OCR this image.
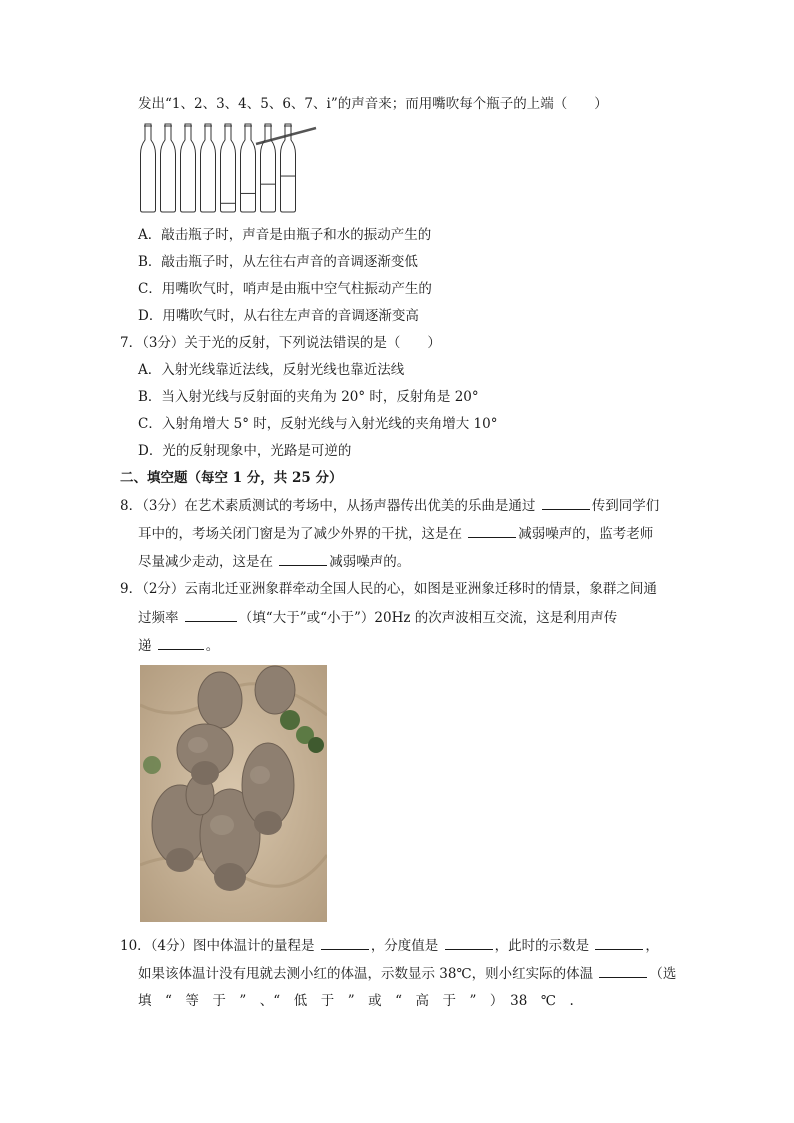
发出“1、2、3、4、5、6、7、i”的声音来；而用嘴吹每个瓶子的上端（　　）
A．敲击瓶子时，声音是由瓶子和水的振动产生的
B．敲击瓶子时，从左往右声音的音调逐渐变低
C．用嘴吹气时，哨声是由瓶中空气柱振动产生的
D．用嘴吹气时，从右往左声音的音调逐渐变高
7．（3分）关于光的反射，下列说法错误的是（　　）
A．入射光线靠近法线，反射光线也靠近法线
B．当入射光线与反射面的夹角为 20° 时，反射角是 20°
C．入射角增大 5° 时，反射光线与入射光线的夹角增大 10°
D．光的反射现象中，光路是可逆的
二、填空题（每空 1 分，共 25 分）
8．（3分）在艺术素质测试的考场中，从扬声器传出优美的乐曲是通过	传到同学们
耳中的，考场关闭门窗是为了减少外界的干扰，这是在	减弱噪声的，监考老师
尽量减少走动，这是在	减弱噪声的。
9．（2分）云南北迁亚洲象群牵动全国人民的心，如图是亚洲象迁移时的情景，象群之间通
过频率	（填“大于”或“小于”）20Hz 的次声波相互交流，这是利用声传
递	。
10．（4分）图中体温计的量程是	，分度值是	，此时的示数是	，
如果该体温计没有甩就去测小红的体温，示数显示 38℃，则小红实际的体温	（选
填　“　等　于　”　、“　低　于　”　或　“　高　于　”　）　38　℃　.
